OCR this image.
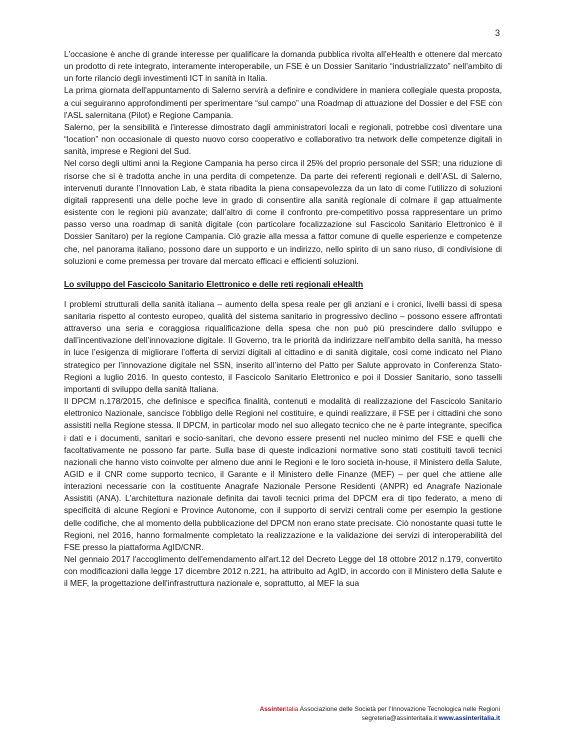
3

L'occasione è anche di grande interesse per qualificare la domanda pubblica rivolta all'eHealth e ottenere dal mercato un prodotto di rete integrato, interamente interoperabile, un FSE è un Dossier Sanitario “industrializzato” nell’ambito di un forte rilancio degli investimenti ICT in sanità in Italia.

La prima giornata dell'appuntamento di Salerno servirà a definire e condividere in maniera collegiale questa proposta, a cui seguiranno approfondimenti per sperimentare “sul campo” una Roadmap di attuazione del Dossier e del FSE con l'ASL salernitana (Pilot) e Regione Campania.

Salerno, per la sensibilità e l'interesse dimostrato dagli amministratori locali e regionali, potrebbe così diventare una “location” non occasionale di questo nuovo corso cooperativo e collaborativo tra network delle competenze digitali in sanità, imprese e Regioni del Sud.

Nel corso degli ultimi anni la Regione Campania ha perso circa il 25% del proprio personale del SSR; una riduzione di risorse che si è tradotta anche in una perdita di competenze. Da parte dei referenti regionali e dell’ASL di Salerno, intervenuti durante l’Innovation Lab, è stata ribadita la piena consapevolezza da un lato di come l’utilizzo di soluzioni digitali rappresenti una delle poche leve in grado di consentire alla sanità regionale di colmare il gap attualmente esistente con le regioni più avanzate; dall’altro di come il confronto pre-competitivo possa rappresentare un primo passo verso una roadmap di sanità digitale (con particolare focalizzazione sul Fascicolo Sanitario Elettronico è il Dossier Sanitaro) per la regione Campania. Ciò grazie alla messa a fattor comune di quelle esperienze e competenze che, nel panorama italiano, possono dare un supporto e un indirizzo, nello spirito di un sano riuso, di condivisione di soluzioni e come premessa per trovare dal mercato efficaci e efficienti soluzioni.

Lo sviluppo del Fascicolo Sanitario Elettronico e delle reti regionali eHealth

I problemi strutturali della sanità italiana – aumento della spesa reale per gli anziani e i cronici, livelli bassi di spesa sanitaria rispetto al contesto europeo, qualità del sistema sanitario in progressivo declino – possono essere affrontati attraverso una seria e coraggiosa riqualificazione della spesa che non può più prescindere dallo sviluppo e dall’incentivazione dell’innovazione digitale. Il Governo, tra le priorità da indirizzare nell’ambito della sanità, ha messo in luce l’esigenza di migliorare l’offerta di servizi digitali al cittadino e di sanità digitale, così come indicato nel Piano strategico per l’innovazione digitale nel SSN, inserito all’interno del Patto per Salute approvato in Conferenza Stato-Regioni a luglio 2016. In questo contesto, il Fascicolo Sanitario Elettronico e poi il Dossier Sanitario, sono tasselli importanti di sviluppo della sanità Italiana.

Il DPCM n.178/2015, che definisce e specifica finalità, contenuti e modalità di realizzazione del Fascicolo Sanitario elettronico Nazionale, sancisce l'obbligo delle Regioni nel costituire, e quindi realizzare, il FSE per i cittadini che sono assistiti nella Regione stessa. Il DPCM, in particolar modo nel suo allegato tecnico che ne è parte integrante, specifica i dati e i documenti, sanitari e socio-sanitari, che devono essere presenti nel nucleo minimo del FSE e quelli che facoltativamente ne possono far parte. Sulla base di queste indicazioni normative sono stati costituiti tavoli tecnici nazionali che hanno visto coinvolte per almeno due anni le Regioni e le loro società in-house, il Ministero della Salute, AGID e il CNR come supporto tecnico, il Garante e il Ministero delle Finanze (MEF) – per quel che attiene alle interazioni necessarie con la costituente Anagrafe Nazionale Persone Residenti (ANPR) ed Anagrafe Nazionale Assistiti (ANA). L'architettura nazionale definita dai tavoli tecnici prima del DPCM era di tipo federato, a meno di specificità di alcune Regioni e Province Autonome, con il supporto di servizi centrali come per esempio la gestione delle codifiche, che al momento della pubblicazione del DPCM non erano state precisate. Ciò nonostante quasi tutte le Regioni, nel 2016, hanno formalmente completato la realizzazione e la validazione dei servizi di interoperabilità del FSE presso la piattaforma AgID/CNR.

Nel gennaio 2017 l'accoglimento dell'emendamento all'art.12 del Decreto Legge del 18 ottobre 2012 n.179, convertito con modificazioni dalla legge 17 dicembre 2012 n.221, ha attribuito ad AgID, in accordo con il Ministero della Salute e il MEF, la progettazione dell'infrastruttura nazionale e, soprattutto, al MEF la sua

Assinteritalia Associazione delle Società per l’Innovazione Tecnologica nelle Regioni
segreteria@assinteritalia.it www.assinteritalia.it
